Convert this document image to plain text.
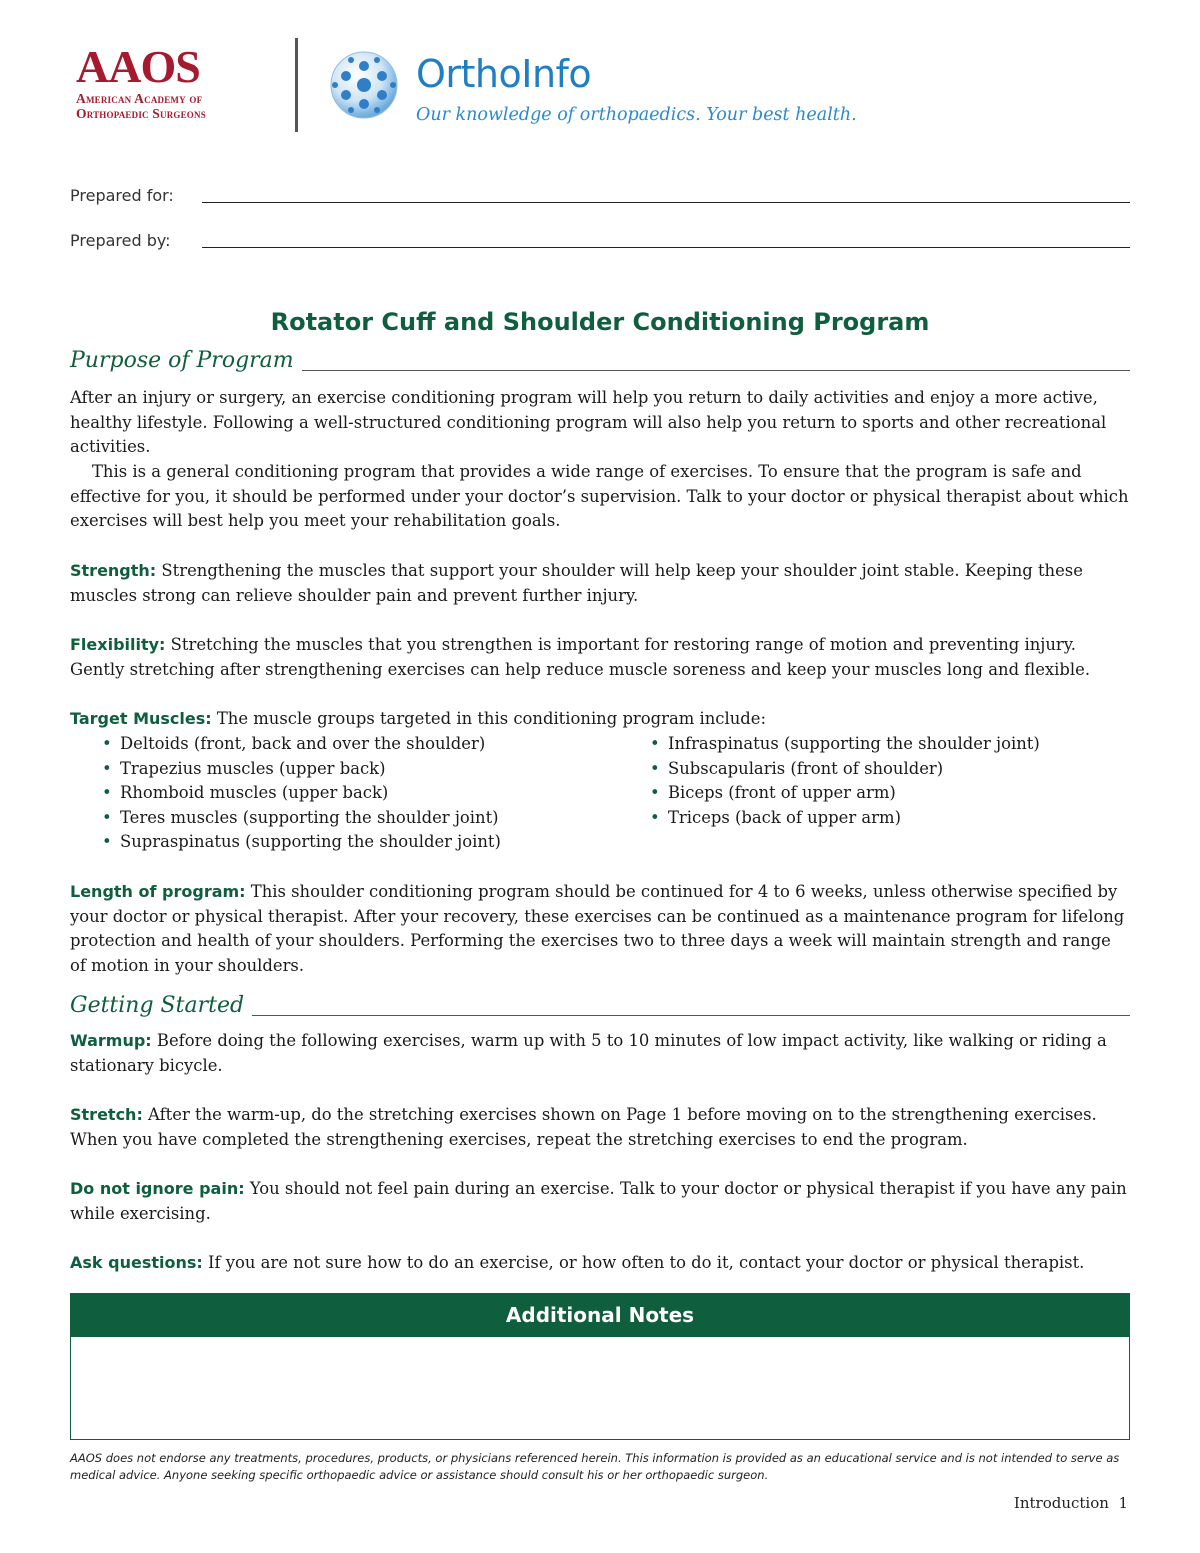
AAOS
American Academy of
Orthopaedic Surgeons
OrthoInfo
Our knowledge of orthopaedics. Your best health.
Prepared for:
Prepared by:
Rotator Cuff and Shoulder Conditioning Program
Purpose of Program
After an injury or surgery, an exercise conditioning program will help you return to daily activities and enjoy a more active, healthy lifestyle. Following a well-structured conditioning program will also help you return to sports and other recreational activities.
This is a general conditioning program that provides a wide range of exercises. To ensure that the program is safe and effective for you, it should be performed under your doctor’s supervision. Talk to your doctor or physical therapist about which exercises will best help you meet your rehabilitation goals.
Strength: Strengthening the muscles that support your shoulder will help keep your shoulder joint stable. Keeping these muscles strong can relieve shoulder pain and prevent further injury.
Flexibility: Stretching the muscles that you strengthen is important for restoring range of motion and preventing injury. Gently stretching after strengthening exercises can help reduce muscle soreness and keep your muscles long and flexible.
Target Muscles: The muscle groups targeted in this conditioning program include:
• Deltoids (front, back and over the shoulder)
• Trapezius muscles (upper back)
• Rhomboid muscles (upper back)
• Teres muscles (supporting the shoulder joint)
• Supraspinatus (supporting the shoulder joint)
• Infraspinatus (supporting the shoulder joint)
• Subscapularis (front of shoulder)
• Biceps (front of upper arm)
• Triceps (back of upper arm)
Length of program: This shoulder conditioning program should be continued for 4 to 6 weeks, unless otherwise specified by your doctor or physical therapist. After your recovery, these exercises can be continued as a maintenance program for lifelong protection and health of your shoulders. Performing the exercises two to three days a week will maintain strength and range of motion in your shoulders.
Getting Started
Warmup: Before doing the following exercises, warm up with 5 to 10 minutes of low impact activity, like walking or riding a stationary bicycle.
Stretch: After the warm-up, do the stretching exercises shown on Page 1 before moving on to the strengthening exercises. When you have completed the strengthening exercises, repeat the stretching exercises to end the program.
Do not ignore pain: You should not feel pain during an exercise. Talk to your doctor or physical therapist if you have any pain while exercising.
Ask questions: If you are not sure how to do an exercise, or how often to do it, contact your doctor or physical therapist.
Additional Notes
AAOS does not endorse any treatments, procedures, products, or physicians referenced herein. This information is provided as an educational service and is not intended to serve as medical advice. Anyone seeking specific orthopaedic advice or assistance should consult his or her orthopaedic surgeon.
Introduction 1
